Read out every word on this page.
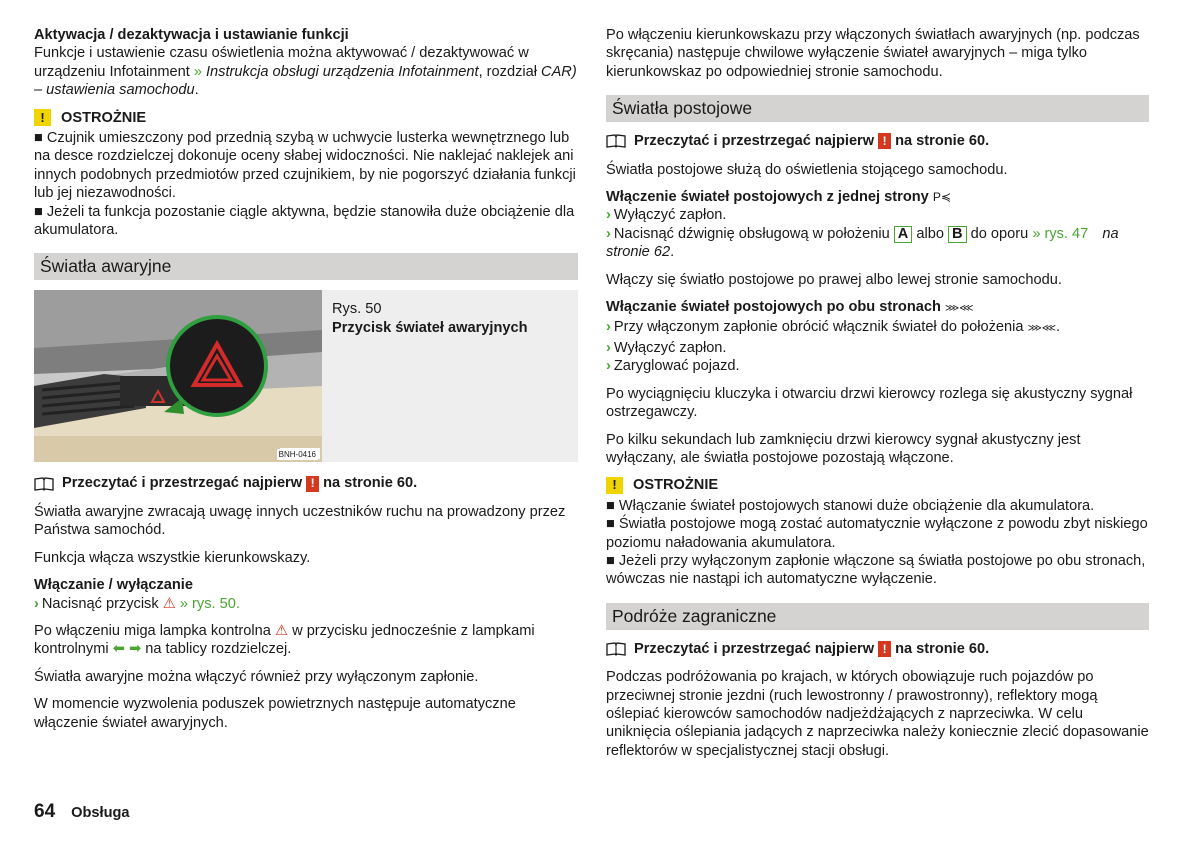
Aktywacja / dezaktywacja i ustawianie funkcji

Funkcje i ustawienie czasu oświetlenia można aktywować / dezaktywować w urządzeniu Infotainment » Instrukcja obsługi urządzenia Infotainment, rozdział CAR) – ustawienia samochodu.

!	OSTROŻNIE
■ Czujnik umieszczony pod przednią szybą w uchwycie lusterka wewnętrznego lub na desce rozdzielczej dokonuje oceny słabej widoczności. Nie naklejać naklejek ani innych podobnych przedmiotów przed czujnikiem, by nie pogorszyć działania funkcji lub jej niezawodności.
■ Jeżeli ta funkcja pozostanie ciągle aktywna, będzie stanowiła duże obciążenie dla akumulatora.
Światła awaryjne
BNH-0416
Rys. 50
Przycisk świateł awaryjnych
Przeczytać i przestrzegać najpierw ! na stronie 60.

Światła awaryjne zwracają uwagę innych uczestników ruchu na prowadzony przez Państwa samochód.

Funkcja włącza wszystkie kierunkowskazy.

Włączanie / wyłączanie
› Nacisnąć przycisk ⚠ » rys. 50.

Po włączeniu miga lampka kontrolna ⚠ w przycisku jednocześnie z lampkami kontrolnymi ⬅ ➡ na tablicy rozdzielczej.

Światła awaryjne można włączyć również przy wyłączonym zapłonie.

W momencie wyzwolenia poduszek powietrznych następuje automatyczne włączenie świateł awaryjnych.

Po włączeniu kierunkowskazu przy włączonych światłach awaryjnych (np. podczas skręcania) następuje chwilowe wyłączenie świateł awaryjnych – miga tylko kierunkowskaz po odpowiedniej stronie samochodu.

Światła postojowe
Przeczytać i przestrzegać najpierw ! na stronie 60.

Światła postojowe służą do oświetlenia stojącego samochodu.

Włączenie świateł postojowych z jednej strony P≼
› Wyłączyć zapłon.
› Nacisnąć dźwignię obsługową w położeniu A albo B do oporu » rys. 47 na stronie 62.

Włączy się światło postojowe po prawej albo lewej stronie samochodu.

Włączanie świateł postojowych po obu stronach ⋙⋘
› Przy włączonym zapłonie obrócić włącznik świateł do położenia ⋙⋘.
› Wyłączyć zapłon.
› Zaryglować pojazd.

Po wyciągnięciu kluczyka i otwarciu drzwi kierowcy rozlega się akustyczny sygnał ostrzegawczy.

Po kilku sekundach lub zamknięciu drzwi kierowcy sygnał akustyczny jest wyłączany, ale światła postojowe pozostają włączone.

!	OSTROŻNIE
■ Włączanie świateł postojowych stanowi duże obciążenie dla akumulatora.
■ Światła postojowe mogą zostać automatycznie wyłączone z powodu zbyt niskiego poziomu naładowania akumulatora.
■ Jeżeli przy wyłączonym zapłonie włączone są światła postojowe po obu stronach, wówczas nie nastąpi ich automatyczne wyłączenie.
Podróże zagraniczne
Przeczytać i przestrzegać najpierw ! na stronie 60.

Podczas podróżowania po krajach, w których obowiązuje ruch pojazdów po przeciwnej stronie jezdni (ruch lewostronny / prawostronny), reflektory mogą oślepiać kierowców samochodów nadjeżdżających z naprzeciwka. W celu uniknięcia oślepiania jadących z naprzeciwka należy koniecznie zlecić dopasowanie reflektorów w specjalistycznej stacji obsługi.

64 Obsługa
